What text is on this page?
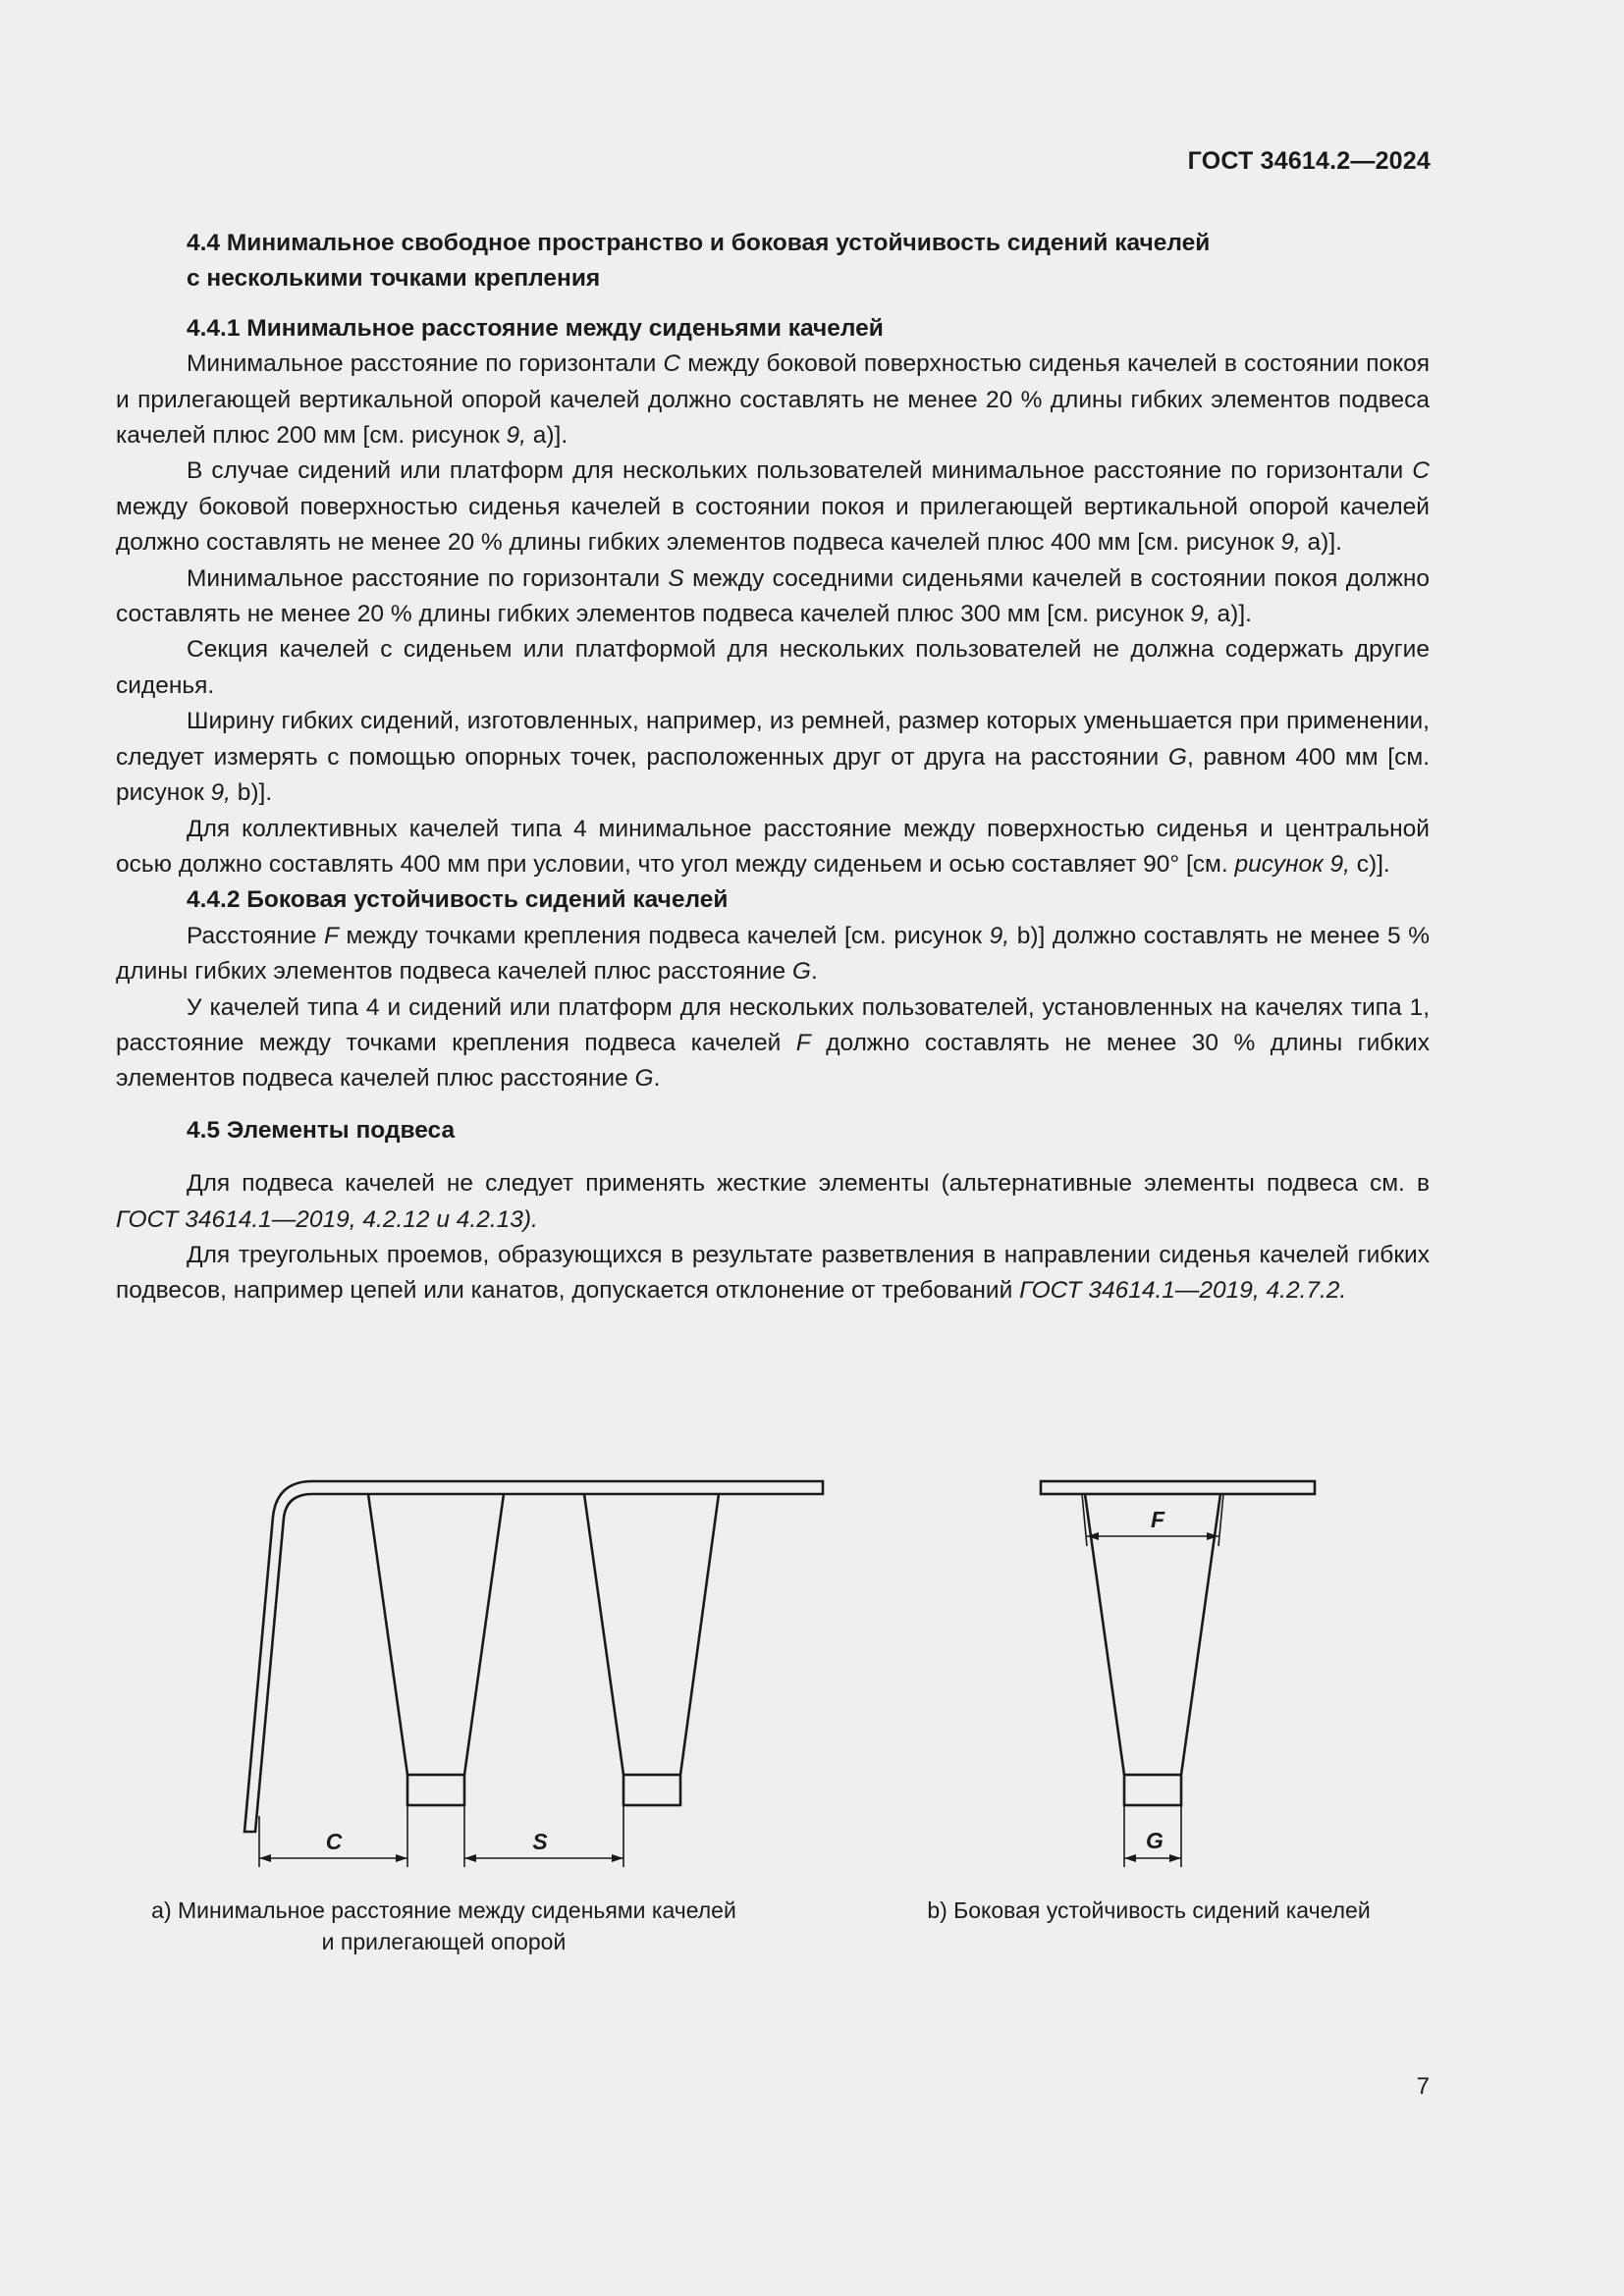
ГОСТ 34614.2—2024
4.4 Минимальное свободное пространство и боковая устойчивость сидений качелей
с несколькими точками крепления
4.4.1 Минимальное расстояние между сиденьями качелей

Минимальное расстояние по горизонтали C между боковой поверхностью сиденья качелей в состоянии покоя и прилегающей вертикальной опорой качелей должно составлять не менее 20 % длины гибких элементов подвеса качелей плюс 200 мм [см. рисунок 9, а)].

В случае сидений или платформ для нескольких пользователей минимальное расстояние по горизонтали C между боковой поверхностью сиденья качелей в состоянии покоя и прилегающей вертикальной опорой качелей должно составлять не менее 20 % длины гибких элементов подвеса качелей плюс 400 мм [см. рисунок 9, а)].

Минимальное расстояние по горизонтали S между соседними сиденьями качелей в состоянии покоя должно составлять не менее 20 % длины гибких элементов подвеса качелей плюс 300 мм [см. рисунок 9, а)].

Секция качелей с сиденьем или платформой для нескольких пользователей не должна содержать другие сиденья.

Ширину гибких сидений, изготовленных, например, из ремней, размер которых уменьшается при применении, следует измерять с помощью опорных точек, расположенных друг от друга на расстоянии G, равном 400 мм [см. рисунок 9, b)].

Для коллективных качелей типа 4 минимальное расстояние между поверхностью сиденья и центральной осью должно составлять 400 мм при условии, что угол между сиденьем и осью составляет 90° [см. рисунок 9, c)].

4.4.2 Боковая устойчивость сидений качелей

Расстояние F между точками крепления подвеса качелей [см. рисунок 9, b)] должно составлять не менее 5 % длины гибких элементов подвеса качелей плюс расстояние G.

У качелей типа 4 и сидений или платформ для нескольких пользователей, установленных на качелях типа 1, расстояние между точками крепления подвеса качелей F должно составлять не менее 30 % длины гибких элементов подвеса качелей плюс расстояние G.

4.5 Элементы подвеса

Для подвеса качелей не следует применять жесткие элементы (альтернативные элементы подвеса см. в ГОСТ 34614.1—2019, 4.2.12 и 4.2.13).

Для треугольных проемов, образующихся в результате разветвления в направлении сиденья качелей гибких подвесов, например цепей или канатов, допускается отклонение от требований ГОСТ 34614.1—2019, 4.2.7.2.

C	S
F
G
а) Минимальное расстояние между сиденьями качелей
и прилегающей опорой
b) Боковая устойчивость сидений качелей
7
